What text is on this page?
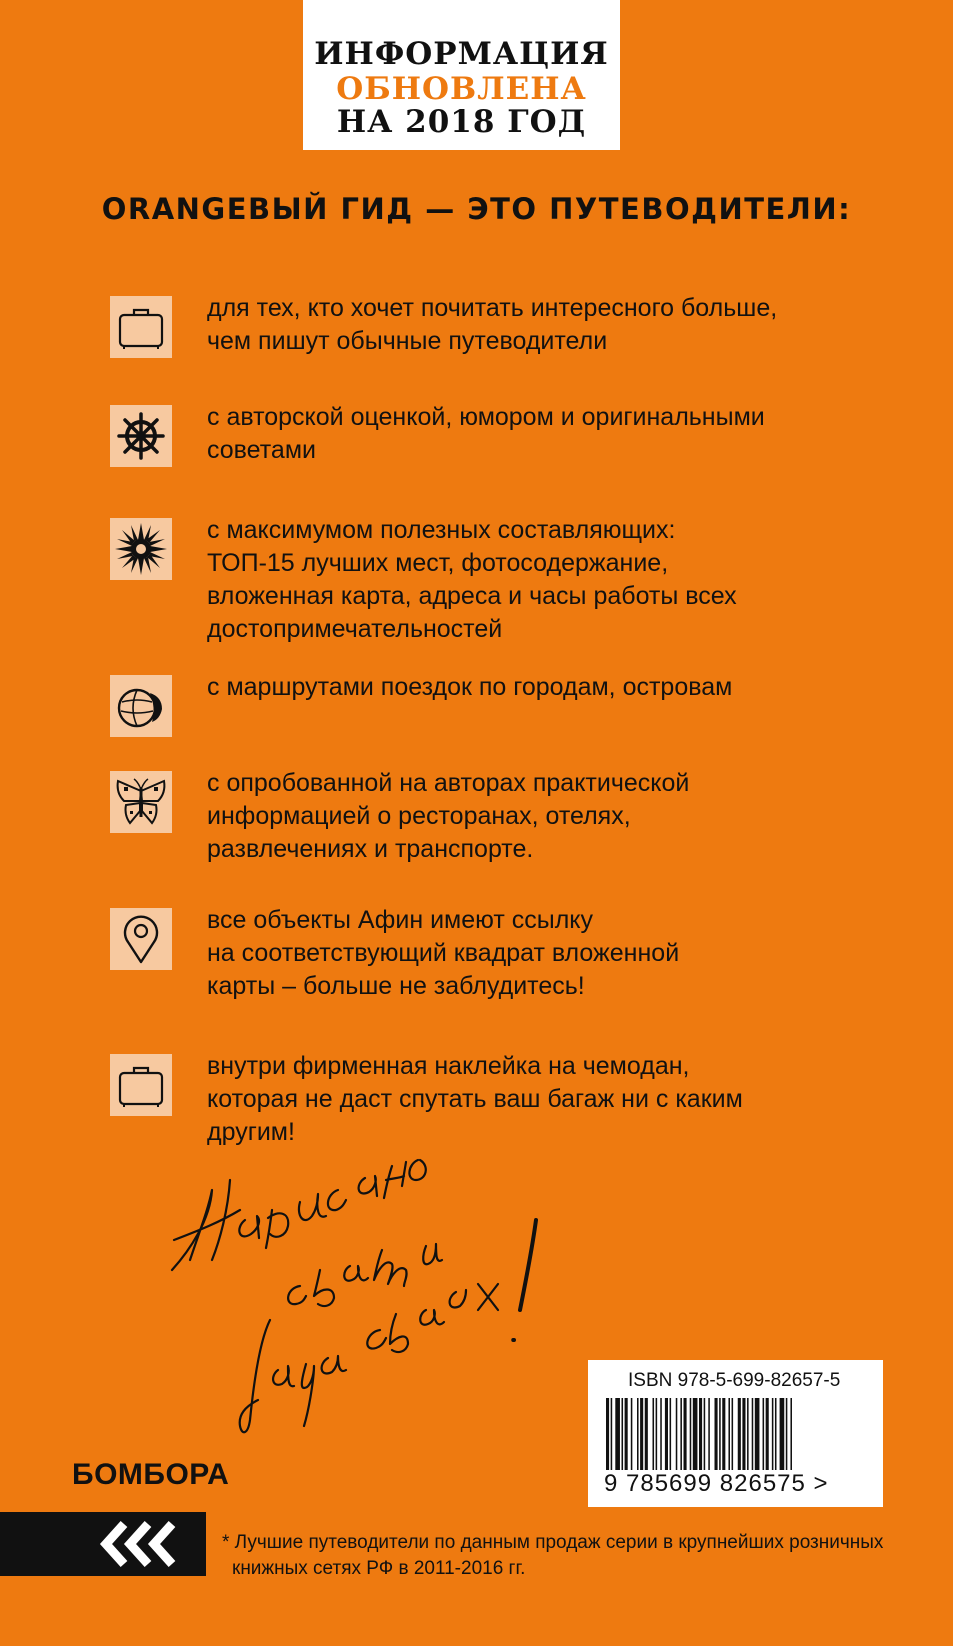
ИНФОРМАЦИЯ
ОБНОВЛЕНА
НА 2018 ГОД
ORANGEВЫЙ ГИД — ЭТО ПУТЕВОДИТЕЛИ:
для тех, кто хочет почитать интересного больше,
чем пишут обычные путеводители
с авторской оценкой, юмором и оригинальными
советами
с максимумом полезных составляющих:
ТОП-15 лучших мест, фотосодержание,
вложенная карта, адреса и часы работы всех
достопримечательностей
с маршрутами поездок по городам, островам
с опробованной на авторах практической
информацией о ресторанах, отелях,
развлечениях и транспорте.
все объекты Афин имеют ссылку
на соответствующий квадрат вложенной
карты – больше не заблудитесь!
внутри фирменная наклейка на чемодан,
которая не даст спутать ваш багаж ни с каким
другим!
БОМБОРА
ISBN 978-5-699-82657-5
9 785699 826575 >
* Лучшие путеводители по данным продаж серии в крупнейших розничных
книжных сетях РФ в 2011-2016 гг.
